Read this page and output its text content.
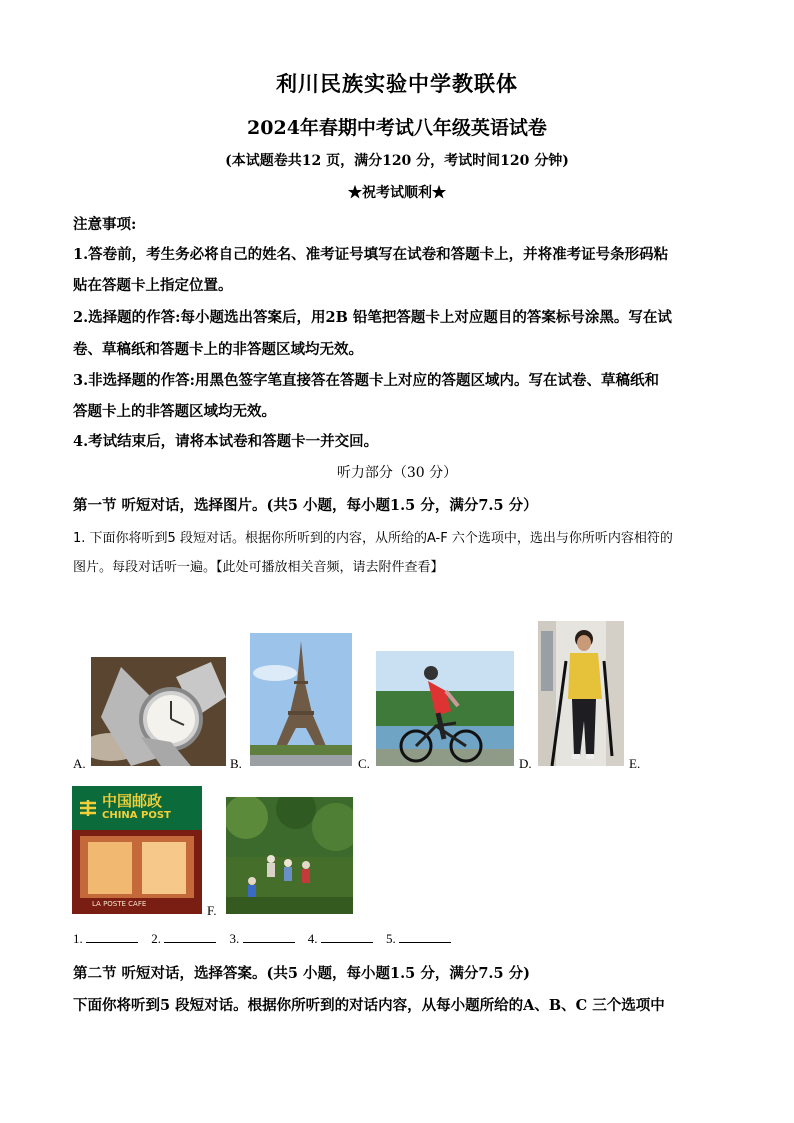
利川民族实验中学教联体
2024年春期中考试八年级英语试卷
(本试题卷共12 页，满分120 分，考试时间120 分钟)
★祝考试顺利★
注意事项:
1.答卷前，考生务必将自己的姓名、准考证号填写在试卷和答题卡上，并将准考证号条形码粘
贴在答题卡上指定位置。
2.选择题的作答:每小题选出答案后，用2B 铅笔把答题卡上对应题目的答案标号涂黑。写在试
卷、草稿纸和答题卡上的非答题区域均无效。
3.非选择题的作答:用黑色签字笔直接答在答题卡上对应的答题区域内。写在试卷、草稿纸和
答题卡上的非答题区域均无效。
4.考试结束后，请将本试卷和答题卡一并交回。
听力部分（30 分）
第一节 听短对话，选择图片。(共5 小题，每小题1.5 分，满分7.5 分）
1. 下面你将听到5 段短对话。根据你所听到的内容，从所给的A-F 六个选项中，选出与你所听内容相符的
图片。每段对话听一遍。【此处可播放相关音频，请去附件查看】
A.	B.	C.	D.	E.
中国邮政
CHINA POST
LA POSTE CAFE	F.
1.	2.	3.	4.	5.
第二节 听短对话，选择答案。(共5 小题，每小题1.5 分，满分7.5 分)
下面你将听到5 段短对话。根据你所听到的对话内容，从每小题所给的A、B、C 三个选项中
